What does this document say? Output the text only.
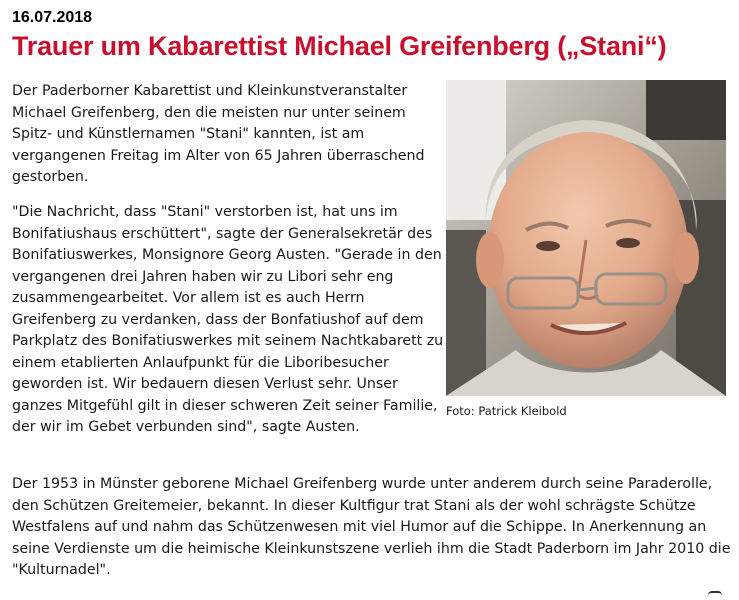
16.07.2018
Trauer um Kabarettist Michael Greifenberg („Stani“)

Der Paderborner Kabarettist und Kleinkunstveranstalter Michael Greifenberg, den die meisten nur unter seinem Spitz- und Künstlernamen "Stani" kannten, ist am vergangenen Freitag im Alter von 65 Jahren überraschend gestorben.

Foto: Patrick Kleibold

"Die Nachricht, dass "Stani" verstorben ist, hat uns im Bonifatiushaus erschüttert", sagte der Generalsekretär des Bonifatiuswerkes, Monsignore Georg Austen. "Gerade in den vergangenen drei Jahren haben wir zu Libori sehr eng zusammengearbeitet. Vor allem ist es auch Herrn Greifenberg zu verdanken, dass der Bonfatiushof auf dem Parkplatz des Bonifatiuswerkes mit seinem Nachtkabarett zu einem etablierten Anlaufpunkt für die Liboribesucher geworden ist. Wir bedauern diesen Verlust sehr. Unser ganzes Mitgefühl gilt in dieser schweren Zeit seiner Familie, der wir im Gebet verbunden sind", sagte Austen.

Der 1953 in Münster geborene Michael Greifenberg wurde unter anderem durch seine Paraderolle, den Schützen Greitemeier, bekannt. In dieser Kultfigur trat Stani als der wohl schrägste Schütze Westfalens auf und nahm das Schützenwesen mit viel Humor auf die Schippe. In Anerkennung an seine Verdienste um die heimische Kleinkunstszene verlieh ihm die Stadt Paderborn im Jahr 2010 die "Kulturnadel".
